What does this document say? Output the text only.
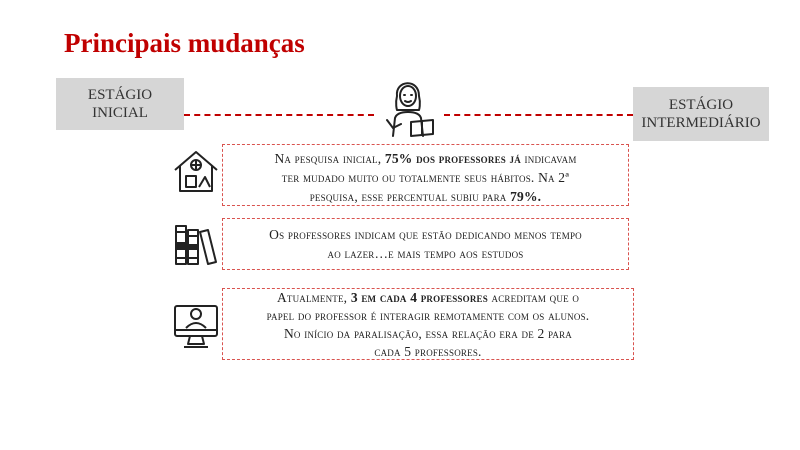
Principais mudanças
ESTÁGIO
INICIAL	ESTÁGIO
INTERMEDIÁRIO
Na pesquisa inicial, 75% dos professores já indicavam
ter mudado muito ou totalmente seus hábitos. Na 2ª
pesquisa, esse percentual subiu para 79%.
Os professores indicam que estão dedicando menos tempo
ao lazer…e mais tempo aos estudos
Atualmente, 3 em cada 4 professores acreditam que o
papel do professor é interagir remotamente com os alunos.
No início da paralisação, essa relação era de 2 para
cada 5 professores.
